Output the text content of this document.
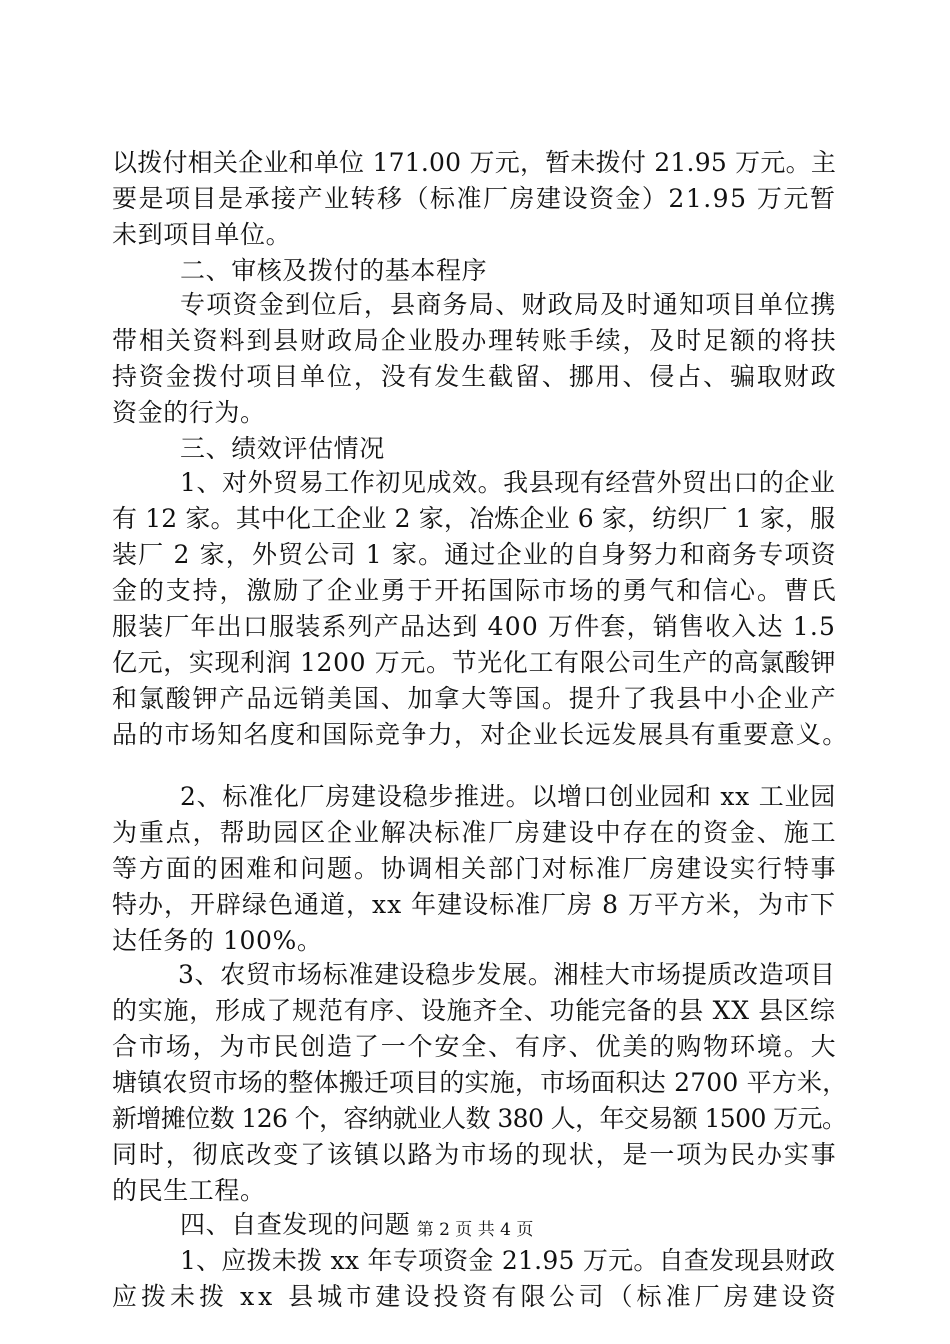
以拨付相关企业和单位 171.00 万元，暂未拨付 21.95 万元。主
要是项目是承接产业转移（标准厂房建设资金）21.95 万元暂
未到项目单位。
二、审核及拨付的基本程序
专项资金到位后，县商务局、财政局及时通知项目单位携
带相关资料到县财政局企业股办理转账手续，及时足额的将扶
持资金拨付项目单位，没有发生截留、挪用、侵占、骗取财政
资金的行为。
三、绩效评估情况
1、对外贸易工作初见成效。我县现有经营外贸出口的企业
有 12 家。其中化工企业 2 家，冶炼企业 6 家，纺织厂 1 家，服
装厂 2 家，外贸公司 1 家。通过企业的自身努力和商务专项资
金的支持，激励了企业勇于开拓国际市场的勇气和信心。曹氏
服装厂年出口服装系列产品达到 400 万件套，销售收入达 1.5
亿元，实现利润 1200 万元。节光化工有限公司生产的高氯酸钾
和氯酸钾产品远销美国、加拿大等国。提升了我县中小企业产
品的市场知名度和国际竞争力，对企业长远发展具有重要意义。
2、标准化厂房建设稳步推进。以增口创业园和 xx 工业园
为重点，帮助园区企业解决标准厂房建设中存在的资金、施工
等方面的困难和问题。协调相关部门对标准厂房建设实行特事
特办，开辟绿色通道，xx 年建设标准厂房 8 万平方米，为市下
达任务的 100%。
3、农贸市场标准建设稳步发展。湘桂大市场提质改造项目
的实施，形成了规范有序、设施齐全、功能完备的县 XX 县区综
合市场，为市民创造了一个安全、有序、优美的购物环境。大
塘镇农贸市场的整体搬迁项目的实施，市场面积达 2700 平方米，
新增摊位数 126 个，容纳就业人数 380 人，年交易额 1500 万元。
同时，彻底改变了该镇以路为市场的现状，是一项为民办实事
的民生工程。
四、自查发现的问题
1、应拨未拨 xx 年专项资金 21.95 万元。自查发现县财政
应拨未拨 xx 县城市建设投资有限公司（标准厂房建设资
第 2 页 共 4 页
